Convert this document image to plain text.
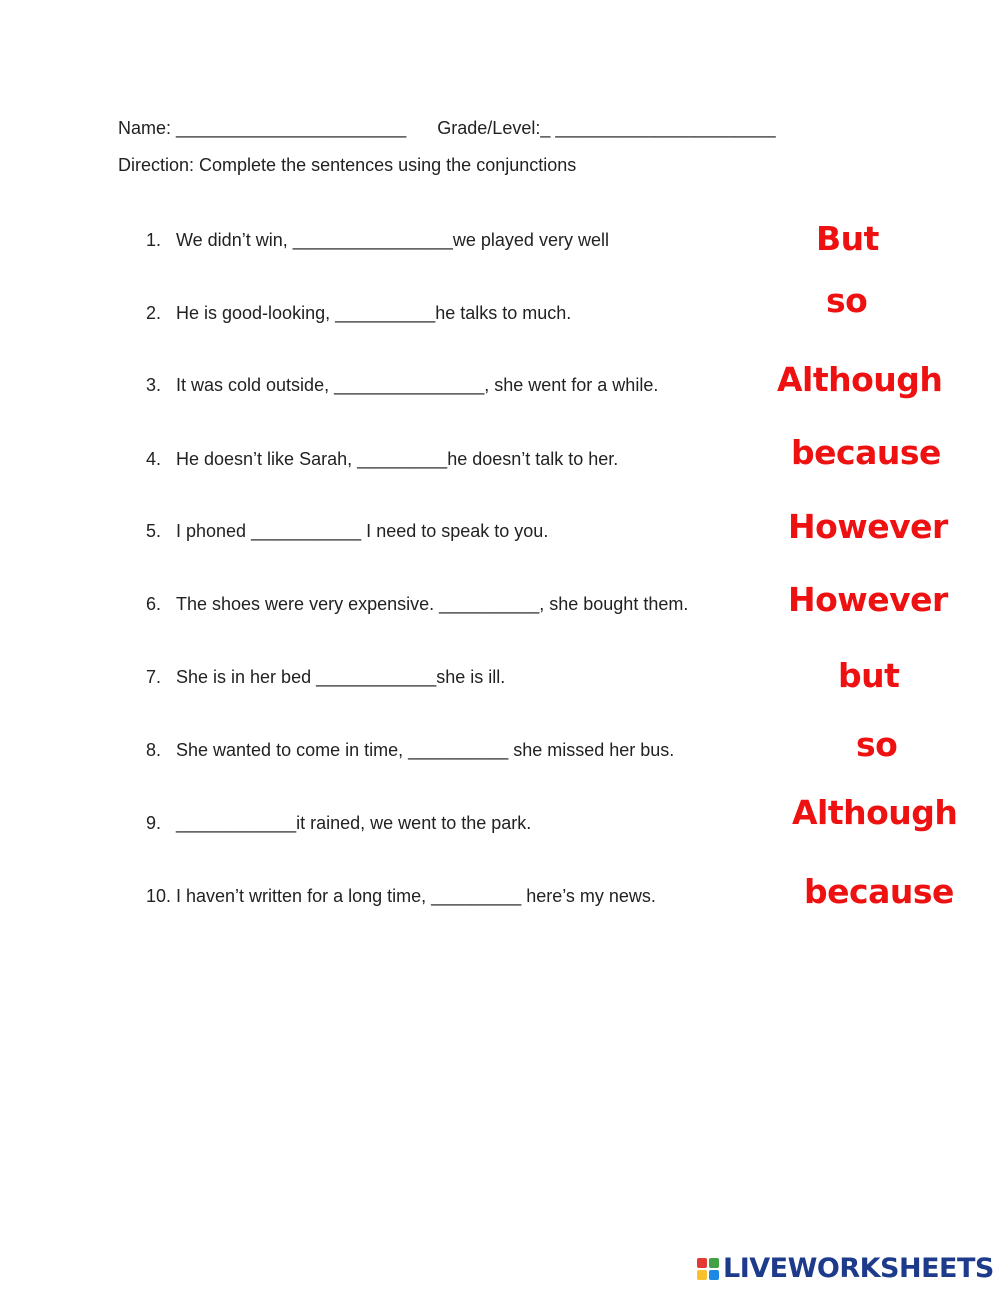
Name: _______________________ Grade/Level:_ ______________________
Direction: Complete the sentences using the conjunctions
1. We didn’t win, ________________we played very well
2. He is good-looking, __________he talks to much.
3. It was cold outside, _______________, she went for a while.
4. He doesn’t like Sarah, _________he doesn’t talk to her.
5. I phoned ___________ I need to speak to you.
6. The shoes were very expensive. __________, she bought them.
7. She is in her bed ____________she is ill.
8. She wanted to come in time, __________ she missed her bus.
9. ____________it rained, we went to the park.
10. I haven’t written for a long time, _________ here’s my news.
But
so
Although
because
However
However
but
so
Although
because
LIVEWORKSHEETS
